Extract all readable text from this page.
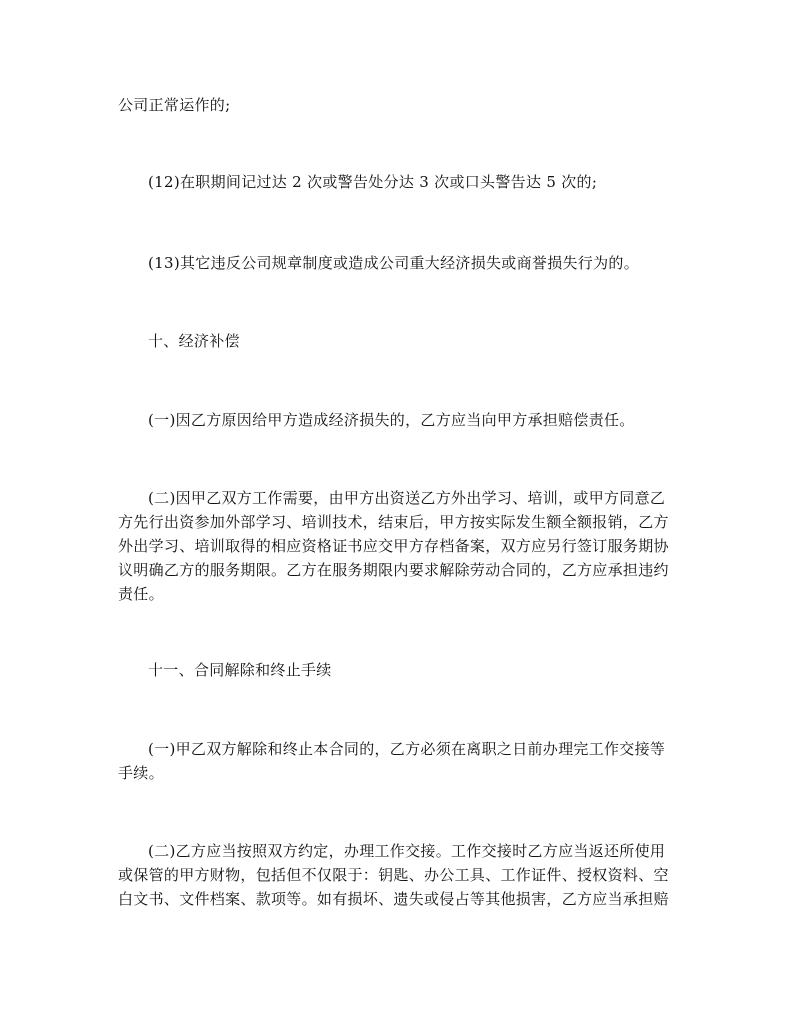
公司正常运作的;
(12)在职期间记过达 2 次或警告处分达 3 次或口头警告达 5 次的;
(13)其它违反公司规章制度或造成公司重大经济损失或商誉损失行为的。
十、经济补偿
(一)因乙方原因给甲方造成经济损失的，乙方应当向甲方承担赔偿责任。
(二)因甲乙双方工作需要，由甲方出资送乙方外出学习、培训，或甲方同意乙
方先行出资参加外部学习、培训技术，结束后，甲方按实际发生额全额报销，乙方
外出学习、培训取得的相应资格证书应交甲方存档备案，双方应另行签订服务期协
议明确乙方的服务期限。乙方在服务期限内要求解除劳动合同的，乙方应承担违约
责任。
十一、合同解除和终止手续
(一)甲乙双方解除和终止本合同的，乙方必须在离职之日前办理完工作交接等
手续。
(二)乙方应当按照双方约定，办理工作交接。工作交接时乙方应当返还所使用
或保管的甲方财物，包括但不仅限于：钥匙、办公工具、工作证件、授权资料、空
白文书、文件档案、款项等。如有损坏、遗失或侵占等其他损害，乙方应当承担赔
